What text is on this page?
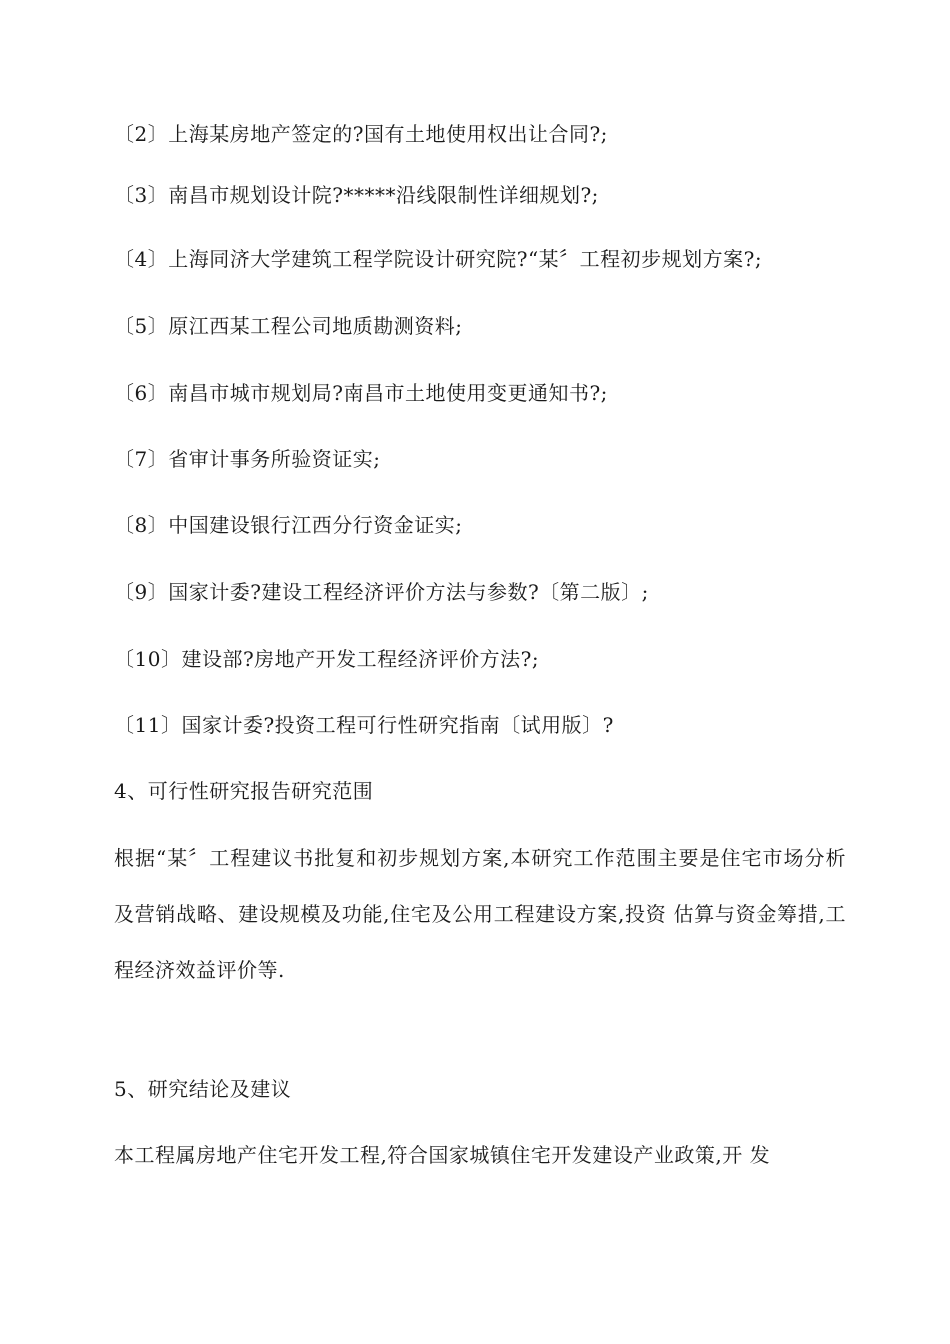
〔2〕上海某房地产签定的?国有土地使用权出让合同?;
〔3〕南昌市规划设计院?*****沿线限制性详细规划?;
〔4〕上海同济大学建筑工程学院设计研究院?“某〞工程初步规划方案?;
〔5〕原江西某工程公司地质勘测资料;
〔6〕南昌市城市规划局?南昌市土地使用变更通知书?;
〔7〕省审计事务所验资证实;
〔8〕中国建设银行江西分行资金证实;
〔9〕国家计委?建设工程经济评价方法与参数?〔第二版〕;
〔10〕建设部?房地产开发工程经济评价方法?;
〔11〕国家计委?投资工程可行性研究指南〔试用版〕?
4、可行性研究报告研究范围
根据“某〞工程建议书批复和初步规划方案,本研究工作范围主要是住宅市场分析及营销战略、建设规模及功能,住宅及公用工程建设方案,投资 估算与资金筹措,工程经济效益评价等.
5、研究结论及建议
本工程属房地产住宅开发工程,符合国家城镇住宅开发建设产业政策,开 发
